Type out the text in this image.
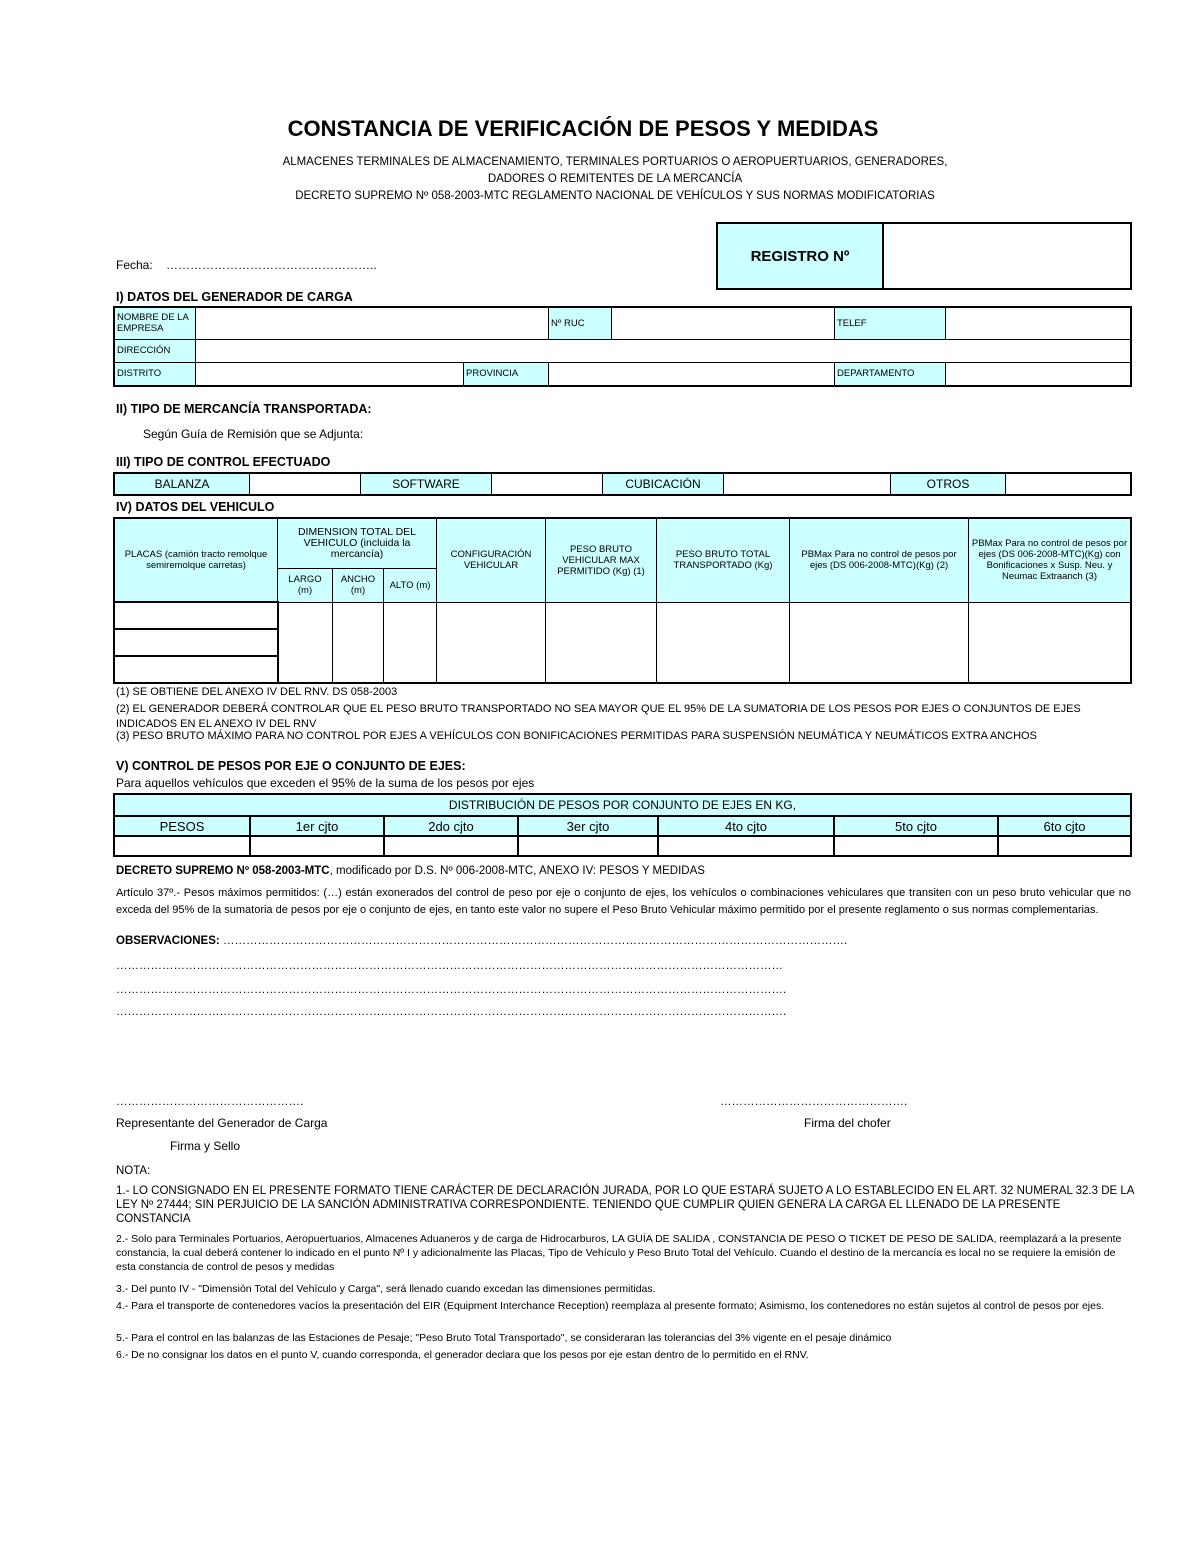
CONSTANCIA DE VERIFICACIÓN DE PESOS Y MEDIDAS
ALMACENES TERMINALES DE ALMACENAMIENTO, TERMINALES PORTUARIOS O AEROPUERTUARIOS, GENERADORES,
DADORES O REMITENTES DE LA MERCANCÍA
DECRETO SUPREMO Nº 058-2003-MTC REGLAMENTO NACIONAL DE VEHÍCULOS Y SUS NORMAS MODIFICATORIAS
Fecha: ……………………………………………..
REGISTRO Nº	
I) DATOS DEL GENERADOR DE CARGA
NOMBRE DE LA EMPRESA			Nº RUC		TELEF	
DIRECCIÓN						
DISTRITO		PROVINCIA			DEPARTAMENTO	
II) TIPO DE MERCANCÍA TRANSPORTADA:
Según Guía de Remisión que se Adjunta:
III) TIPO DE CONTROL EFECTUADO
BALANZA		SOFTWARE		CUBICACIÓN		OTROS	
IV) DATOS DEL VEHICULO
PLACAS (camión tracto remolque semiremolque carretas)	DIMENSION TOTAL DEL VEHICULO (incluida la mercancía)			CONFIGURACIÓN VEHICULAR	PESO BRUTO VEHICULAR MAX PERMITIDO (Kg) (1)	PESO BRUTO TOTAL TRANSPORTADO (Kg)	PBMax Para no control de pesos por ejes (DS 006-2008-MTC)(Kg) (2)	PBMax Para no control de pesos por ejes (DS 006-2008-MTC)(Kg) con Bonificaciones x Susp. Neu. y Neumac Extraanch (3)
	LARGO (m)	ANCHO (m)	ALTO (m)					

(1) SE OBTIENE DEL ANEXO IV DEL RNV. DS 058-2003
(2) EL GENERADOR DEBERÁ CONTROLAR QUE EL PESO BRUTO TRANSPORTADO NO SEA MAYOR QUE EL 95% DE LA SUMATORIA DE LOS PESOS POR EJES O CONJUNTOS DE EJES INDICADOS EN EL ANEXO IV DEL RNV
(3) PESO BRUTO MÁXIMO PARA NO CONTROL POR EJES A VEHÍCULOS CON BONIFICACIONES PERMITIDAS PARA SUSPENSIÓN NEUMÁTICA Y NEUMÁTICOS EXTRA ANCHOS
V) CONTROL DE PESOS POR EJE O CONJUNTO DE EJES:
Para aquellos vehículos que exceden el 95% de la suma de los pesos por ejes
DISTRIBUCIÓN DE PESOS POR CONJUNTO DE EJES EN KG,						
PESOS	1er cjto	2do cjto	3er cjto	4to cjto	5to cjto	6to cjto

DECRETO SUPREMO Nº 058-2003-MTC, modificado por D.S. Nº 006-2008-MTC, ANEXO IV: PESOS Y MEDIDAS
Artículo 37º.- Pesos máximos permitidos: (…) están exonerados del control de peso por eje o conjunto de ejes, los vehículos o combinaciones vehiculares que transiten con un peso bruto vehicular que no exceda del 95% de la sumatoria de pesos por eje o conjunto de ejes, en tanto este valor no supere el Peso Bruto Vehicular máximo permitido por el presente reglamento o sus normas complementarias.
OBSERVACIONES: ……………………………………………………………………………………………………………………………………………….
…………………………………………………………………………………………………………………………………………………………
………………………………………………………………………………………………………………………………………………………….
………………………………………………………………………………………………………………………………………………………….
………………………………………….	………………………………………….
Representante del Generador de Carga	Firma del chofer
Firma y Sello
NOTA:
1.- LO CONSIGNADO EN EL PRESENTE FORMATO TIENE CARÁCTER DE DECLARACIÓN JURADA, POR LO QUE ESTARÁ SUJETO A LO ESTABLECIDO EN EL ART. 32 NUMERAL 32.3 DE LA LEY Nº 27444; SIN PERJUICIO DE LA SANCIÓN ADMINISTRATIVA CORRESPONDIENTE. TENIENDO QUE CUMPLIR QUIEN GENERA LA CARGA EL LLENADO DE LA PRESENTE CONSTANCIA
2.- Solo para Terminales Portuarios, Aeropuertuarios, Almacenes Aduaneros y de carga de Hidrocarburos, LA GUÍA DE SALIDA , CONSTANCIA DE PESO O TICKET DE PESO DE SALIDA, reemplazará a la presente constancia, la cual deberá contener lo indicado en el punto Nº I y adicionalmente las Placas, Tipo de Vehículo y Peso Bruto Total del Vehículo. Cuando el destino de la mercancía es local no se requiere la emisión de esta constancia de control de pesos y medidas
3.- Del punto IV - "Dimensión Total del Vehículo y Carga", será llenado cuando excedan las dimensiones permitidas.
4.- Para el transporte de contenedores vacíos la presentación del EIR (Equipment Interchance Reception) reemplaza al presente formato; Asimismo, los contenedores no están sujetos al control de pesos por ejes.
5.- Para el control en las balanzas de las Estaciones de Pesaje; "Peso Bruto Total Transportado", se consideraran las tolerancias del 3% vigente en el pesaje dinámico
6.- De no consignar los datos en el punto V, cuando corresponda, el generador declara que los pesos por eje estan dentro de lo permitido en el RNV.
